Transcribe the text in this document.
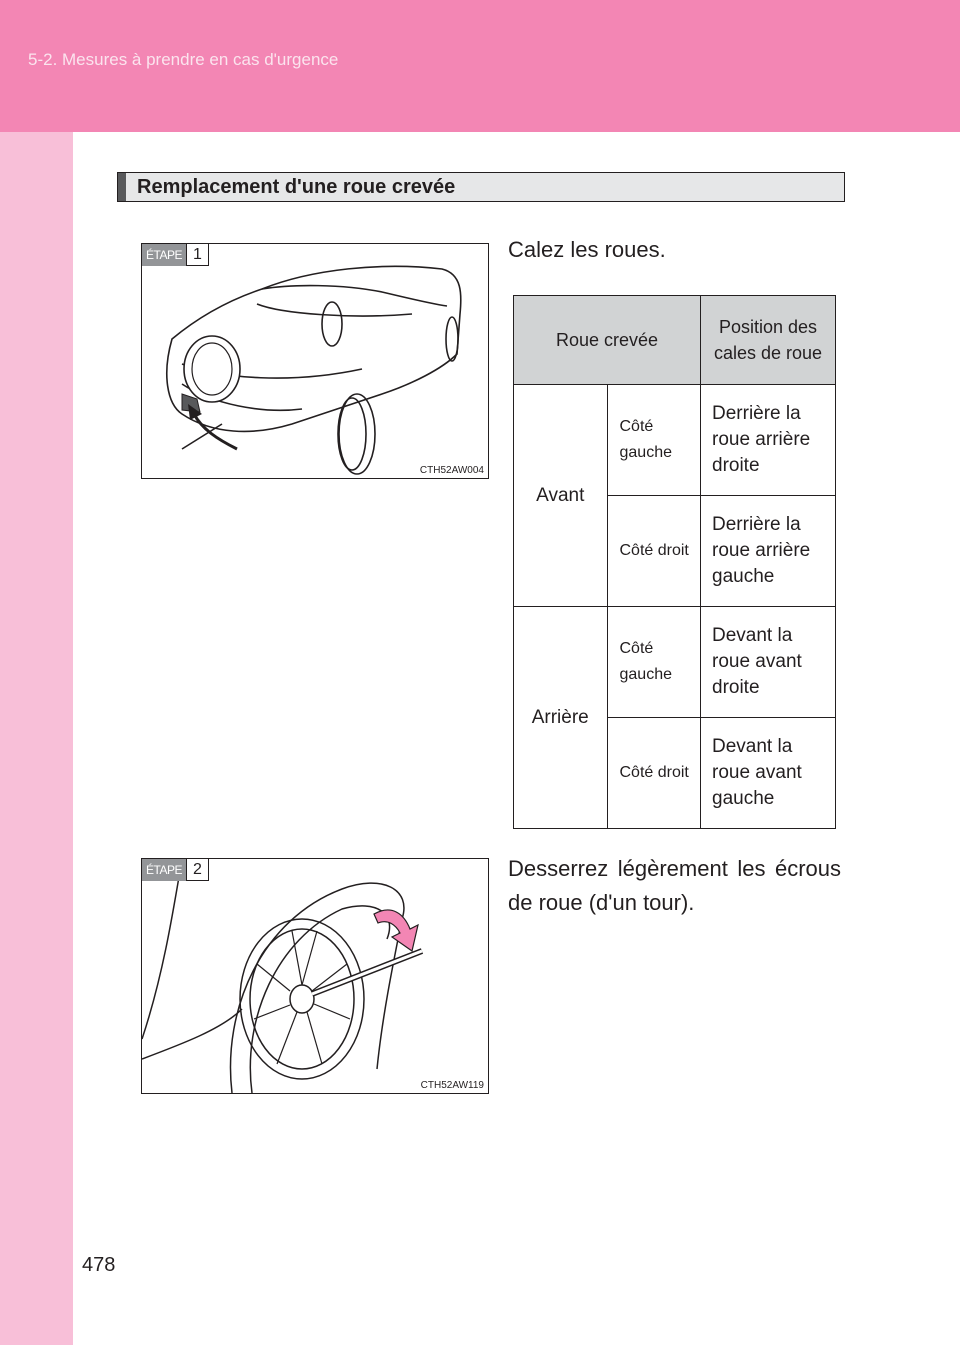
5-2. Mesures à prendre en cas d'urgence
Remplacement d'une roue crevée
ÉTAPE 1
CTH52AW004
Calez les roues.
Roue crevée		Position des cales de roue
Avant	Côté gauche	Derrière la roue arrière droite
	Côté droit	Derrière la roue arrière gauche
Arrière	Côté gauche	Devant la roue avant droite
	Côté droit	Devant la roue avant gauche
ÉTAPE 2
CTH52AW119
Desserrez légèrement les écrous de roue (d'un tour).
478
